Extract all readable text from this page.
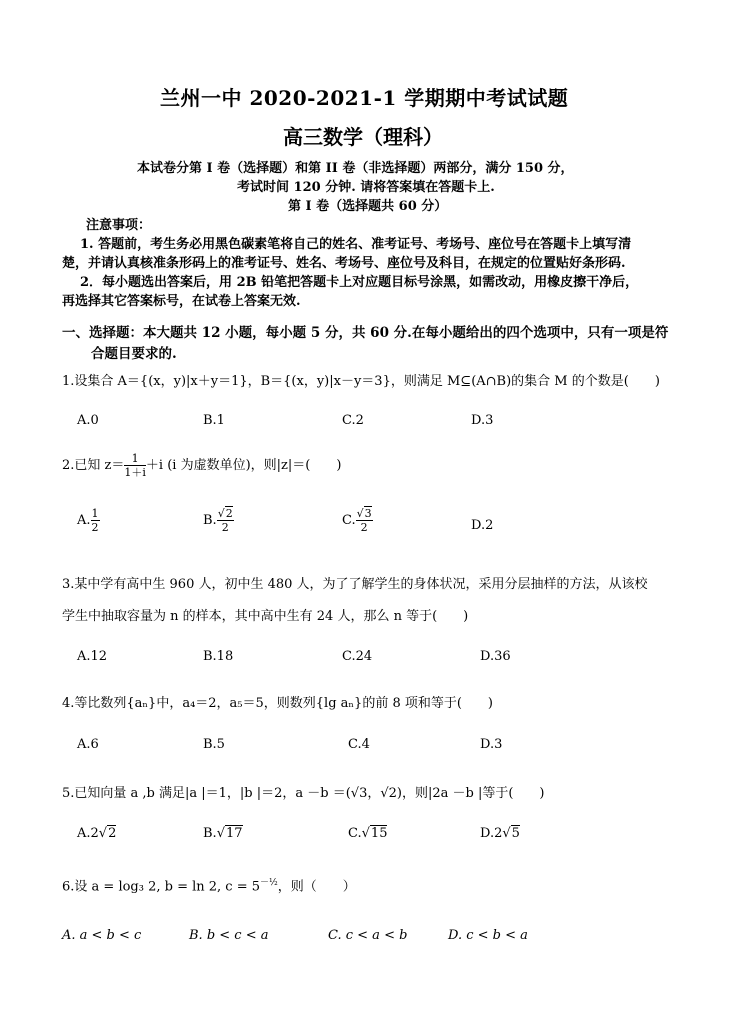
兰州一中 2020-2021-1 学期期中考试试题
高三数学（理科）
本试卷分第 I 卷（选择题）和第 II 卷（非选择题）两部分，满分 150 分，
考试时间 120 分钟. 请将答案填在答题卡上.
第 I 卷（选择题共 60 分）
注意事项：
1. 答题前，考生务必用黑色碳素笔将自己的姓名、准考证号、考场号、座位号在答题卡上填写清
楚，并请认真核准条形码上的准考证号、姓名、考场号、座位号及科目，在规定的位置贴好条形码.
2．每小题选出答案后，用 2B 铅笔把答题卡上对应题目标号涂黑，如需改动，用橡皮擦干净后，
再选择其它答案标号，在试卷上答案无效.
一、选择题：本大题共 12 小题，每小题 5 分，共 60 分.在每小题给出的四个选项中，只有一项是符
合题目要求的.
1.设集合 A＝{(x，y)|x＋y＝1}，B＝{(x，y)|x－y＝3}，则满足 M⊆(A∩B)的集合 M 的个数是(　　)
A.0	B.1	C.2	D.3
2.已知 $z= \frac{1}{1+i} +i$ (i 为虚数单位)，则|z|＝(　　)
A. $\frac{1}{2}$	B. $\frac{√2}{2}$	C. $\frac{√3}{2}$	D.2
3.某中学有高中生 960 人，初中生 480 人，为了了解学生的身体状况，采用分层抽样的方法，从该校
学生中抽取容量为 n 的样本，其中高中生有 24 人，那么 n 等于(　　)
A.12	B.18	C.24	D.36
4.等比数列{aₙ}中，a₄＝2，a₅＝5，则数列{lg aₙ}的前 8 项和等于(　　)
A.6	B.5	C.4	D.3
5.已知向量 a ,b 满足|a |＝1，|b |＝2，a －b ＝(√3，√2)，则|2a －b |等于(　　)
A.2√2	B.√17	C.√15	D.2√5
6.设 a = log₃ 2, b = ln 2, $c = 5^{-\frac{1}{2}}$，则（　　）
A. a < b < c	B. b < c < a	C. c < a < b	D. c < b < a
